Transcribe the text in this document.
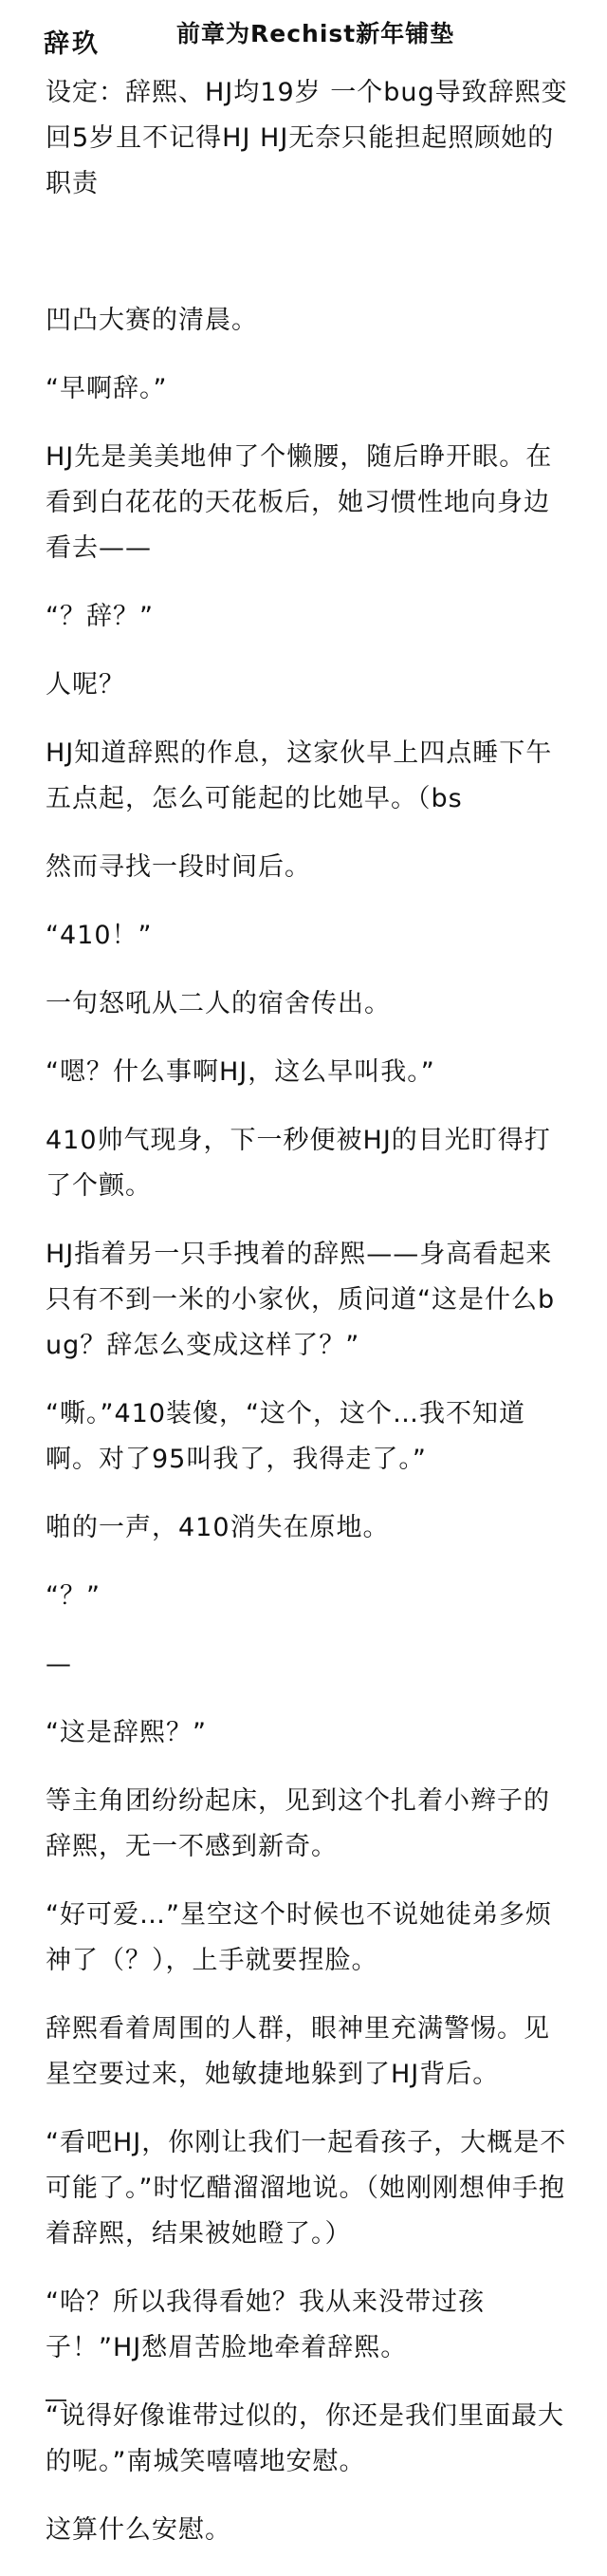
辞玖	前章为Rechist新年铺垫

设定：辞熙、HJ均19岁 一个bug导致辞熙变回5岁且不记得HJ HJ无奈只能担起照顾她的职责

凹凸大赛的清晨。

“早啊辞。”

HJ先是美美地伸了个懒腰，随后睁开眼。在看到白花花的天花板后，她习惯性地向身边看去——

“？辞？”

人呢？

HJ知道辞熙的作息，这家伙早上四点睡下午五点起，怎么可能起的比她早。（bs

然而寻找一段时间后。

“410！”

一句怒吼从二人的宿舍传出。

“嗯？什么事啊HJ，这么早叫我。”

410帅气现身，下一秒便被HJ的目光盯得打了个颤。

HJ指着另一只手拽着的辞熙——身高看起来只有不到一米的小家伙，质问道“这是什么bug？辞怎么变成这样了？”

“嘶。”410装傻，“这个，这个…我不知道啊。对了95叫我了，我得走了。”

啪的一声，410消失在原地。

“？”

—

“这是辞熙？”

等主角团纷纷起床，见到这个扎着小辫子的辞熙，无一不感到新奇。

“好可爱…”星空这个时候也不说她徒弟多烦神了（？），上手就要捏脸。

辞熙看着周围的人群，眼神里充满警惕。见星空要过来，她敏捷地躲到了HJ背后。

“看吧HJ，你刚让我们一起看孩子，大概是不可能了。”时忆醋溜溜地说。（她刚刚想伸手抱着辞熙，结果被她瞪了。）

“哈？所以我得看她？我从来没带过孩子！”HJ愁眉苦脸地牵着辞熙。

“说得好像谁带过似的，你还是我们里面最大的呢。”南城笑嘻嘻地安慰。

这算什么安慰。
